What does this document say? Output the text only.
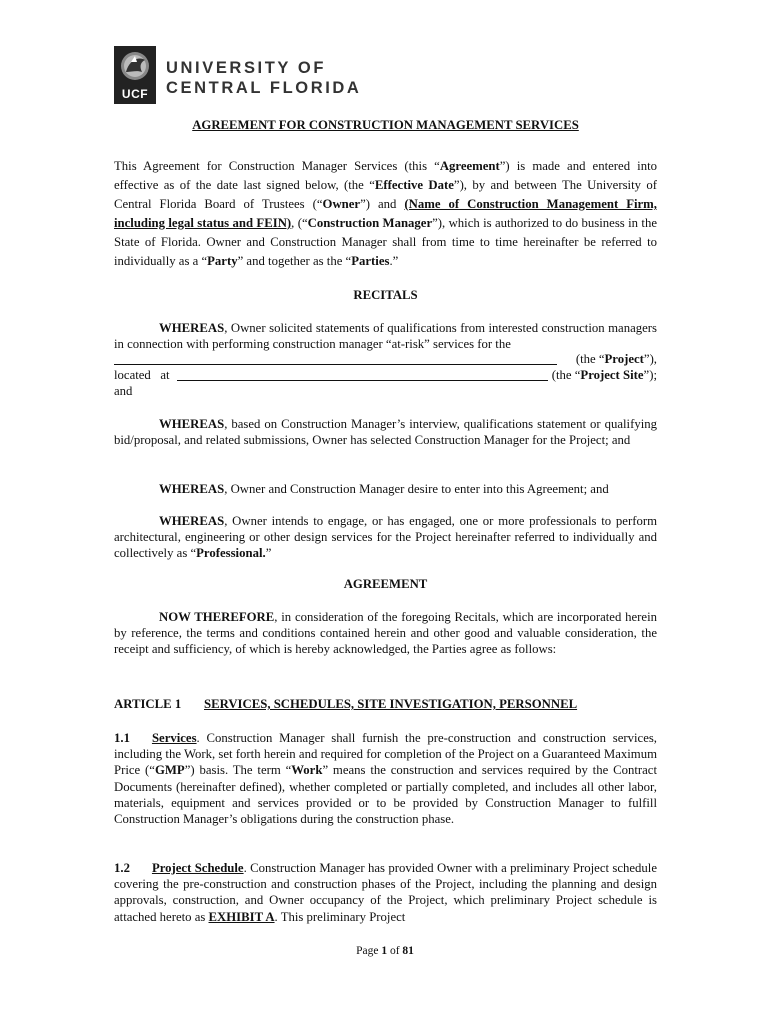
UCF
UNIVERSITY OF
CENTRAL FLORIDA
AGREEMENT FOR CONSTRUCTION MANAGEMENT SERVICES
This Agreement for Construction Manager Services (this “Agreement”) is made and entered into effective as of the date last signed below, (the “Effective Date”), by and between The University of Central Florida Board of Trustees (“Owner”) and (Name of Construction Management Firm, including legal status and FEIN), (“Construction Manager”), which is authorized to do business in the State of Florida. Owner and Construction Manager shall from time to time hereinafter be referred to individually as a “Party” and together as the “Parties.”
RECITALS
WHEREAS, Owner solicited statements of qualifications from interested construction managers in connection with performing construction manager “at-risk” services for the
(the “Project”),
located   at	(the “Project Site”);
and
WHEREAS, based on Construction Manager’s interview, qualifications statement or qualifying bid/proposal, and related submissions, Owner has selected Construction Manager for the Project; and
WHEREAS, Owner and Construction Manager desire to enter into this Agreement; and
WHEREAS, Owner intends to engage, or has engaged, one or more professionals to perform architectural, engineering or other design services for the Project hereinafter referred to individually and collectively as “Professional.”
AGREEMENT
NOW THEREFORE, in consideration of the foregoing Recitals, which are incorporated herein by reference, the terms and conditions contained herein and other good and valuable consideration, the receipt and sufficiency, of which is hereby acknowledged, the Parties agree as follows:
ARTICLE 1 SERVICES, SCHEDULES, SITE INVESTIGATION, PERSONNEL
1.1 Services. Construction Manager shall furnish the pre-construction and construction services, including the Work, set forth herein and required for completion of the Project on a Guaranteed Maximum Price (“GMP”) basis. The term “Work” means the construction and services required by the Contract Documents (hereinafter defined), whether completed or partially completed, and includes all other labor, materials, equipment and services provided or to be provided by Construction Manager to fulfill Construction Manager’s obligations during the construction phase.
1.2 Project Schedule. Construction Manager has provided Owner with a preliminary Project schedule covering the pre-construction and construction phases of the Project, including the planning and design approvals, construction, and Owner occupancy of the Project, which preliminary Project schedule is attached hereto as EXHIBIT A. This preliminary Project
Page 1 of 81
